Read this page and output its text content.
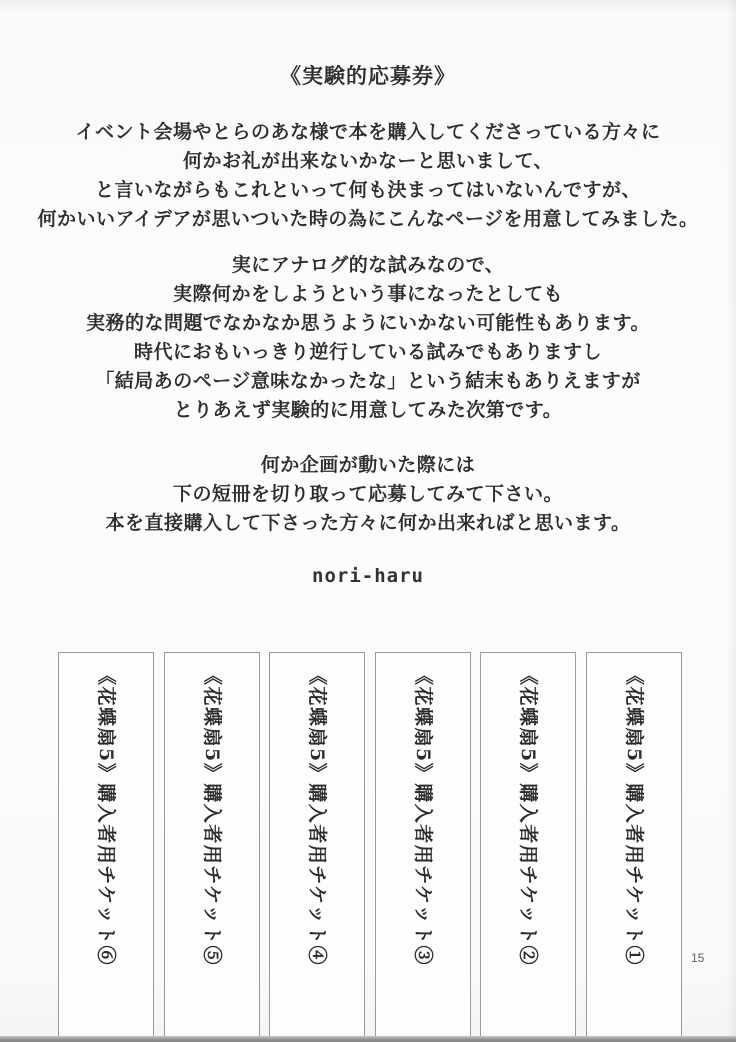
《実験的応募券》
イベント会場やとらのあな様で本を購入してくださっている方々に
何かお礼が出来ないかなーと思いまして、
と言いながらもこれといって何も決まってはいないんですが、
何かいいアイデアが思いついた時の為にこんなページを用意してみました。
実にアナログ的な試みなので、
実際何かをしようという事になったとしても
実務的な問題でなかなか思うようにいかない可能性もあります。
時代におもいっきり逆行している試みでもありますし
「結局あのページ意味なかったな」という結末もありえますが
とりあえず実験的に用意してみた次第です。
何か企画が動いた際には
下の短冊を切り取って応募してみて下さい。
本を直接購入して下さった方々に何か出来ればと思います。
nori-haru
《花蝶扇5》購入者用チケット⑥	《花蝶扇5》購入者用チケット⑤	《花蝶扇5》購入者用チケット④	《花蝶扇5》購入者用チケット③	《花蝶扇5》購入者用チケット②	《花蝶扇5》購入者用チケット①	15
